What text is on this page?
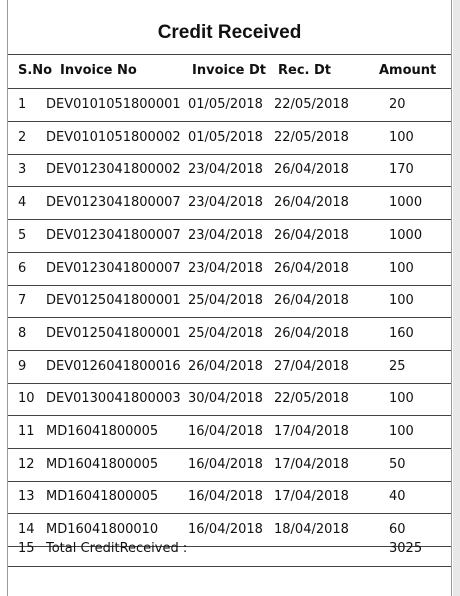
Credit Received
S.No Invoice No	Invoice Dt Rec. Dt	Amount
1 DEV0101051800001 01/05/2018 22/05/2018	20
2 DEV0101051800002 01/05/2018 22/05/2018	100
3 DEV0123041800002 23/04/2018 26/04/2018	170
4 DEV0123041800007 23/04/2018 26/04/2018	1000
5 DEV0123041800007 23/04/2018 26/04/2018	1000
6 DEV0123041800007 23/04/2018 26/04/2018	100
7 DEV0125041800001 25/04/2018 26/04/2018	100
8 DEV0125041800001 25/04/2018 26/04/2018	160
9 DEV0126041800016 26/04/2018 27/04/2018	25
10 DEV0130041800003 30/04/2018 22/05/2018	100
11 MD16041800005 16/04/2018 17/04/2018	100
12 MD16041800005 16/04/2018 17/04/2018	50
13 MD16041800005 16/04/2018 17/04/2018	40
14 MD16041800010 16/04/2018 18/04/2018	60
15 Total CreditReceived :	3025
